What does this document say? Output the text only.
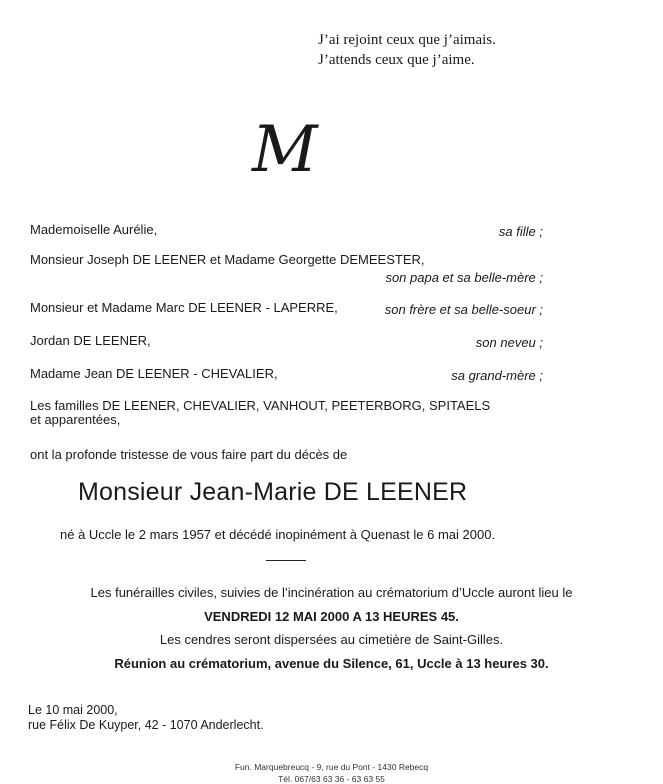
J’ai rejoint ceux que j’aimais.
J’attends ceux que j’aime.
M
Mademoiselle Aurélie,	sa fille ;
Monsieur Joseph DE LEENER et Madame Georgette DEMEESTER,
son papa et sa belle-mère ;
Monsieur et Madame Marc DE LEENER - LAPERRE,	son frère et sa belle-soeur ;
Jordan DE LEENER,	son neveu ;
Madame Jean DE LEENER - CHEVALIER,	sa grand-mère ;
Les familles DE LEENER, CHEVALIER, VANHOUT, PEETERBORG, SPITAELS
et apparentées,
ont la profonde tristesse de vous faire part du décès de
Monsieur Jean-Marie DE LEENER
né à Uccle le 2 mars 1957 et décédé inopinément à Quenast le 6 mai 2000.
Les funérailles civiles, suivies de l’incinération au crématorium d’Uccle auront lieu le
VENDREDI 12 MAI 2000 A 13 HEURES 45.
Les cendres seront dispersées au cimetière de Saint-Gilles.
Réunion au crématorium, avenue du Silence, 61, Uccle à 13 heures 30.
Le 10 mai 2000,
rue Félix De Kuyper, 42 - 1070 Anderlecht.
Fun. Marquebreucq - 9, rue du Pont - 1430 Rebecq
Tél. 067/63 63 36 - 63 63 55
